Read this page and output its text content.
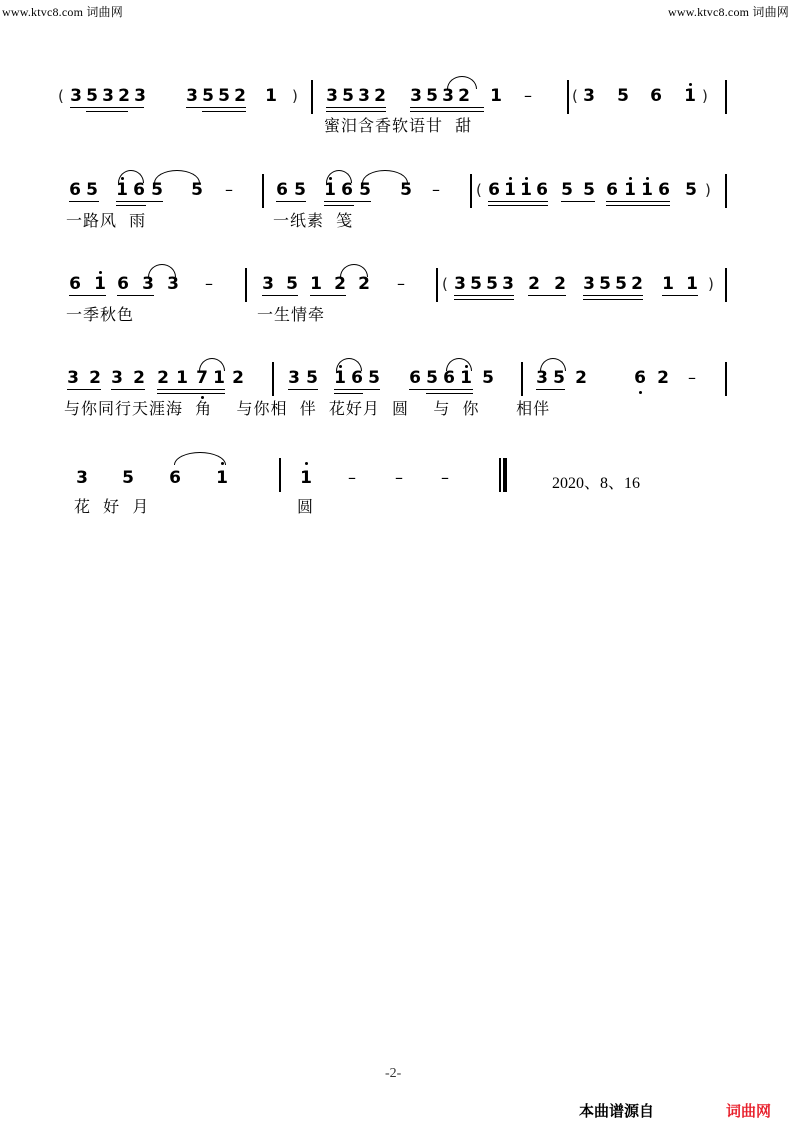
www.ktvc8.com 词曲网	www.ktvc8.com 词曲网
( 3 5 3 2 3 3 5 5 2 1 ) 3 5 3 2 3 5 3 2 1 –	( 3 5 6 1 )
蜜汨含香软语甘  甜
6 5 1 6 5 5 –	6 5 1 6 5 5 – ( 6 1 1 6 5 5 6 1 1 6 5 )
一路风  雨	一纸素  笺
6 1 6 3 3 –	3 5 1 2 2 – ( 3 5 5 3 2 2 3 5 5 2 1 1 )
一季秋色	一生情牵
3 2 3 2 2 1 7 1 2	3 5 1 6 5 6 5 6 1 5 3 5 2	6 2 –
与你同行天涯海  角    与你相  伴  花好月  圆    与  你      相伴
3 5 6 1	1 – – –	2020、8、16
花  好  月	圆
-2-
本曲谱源自	词曲网
